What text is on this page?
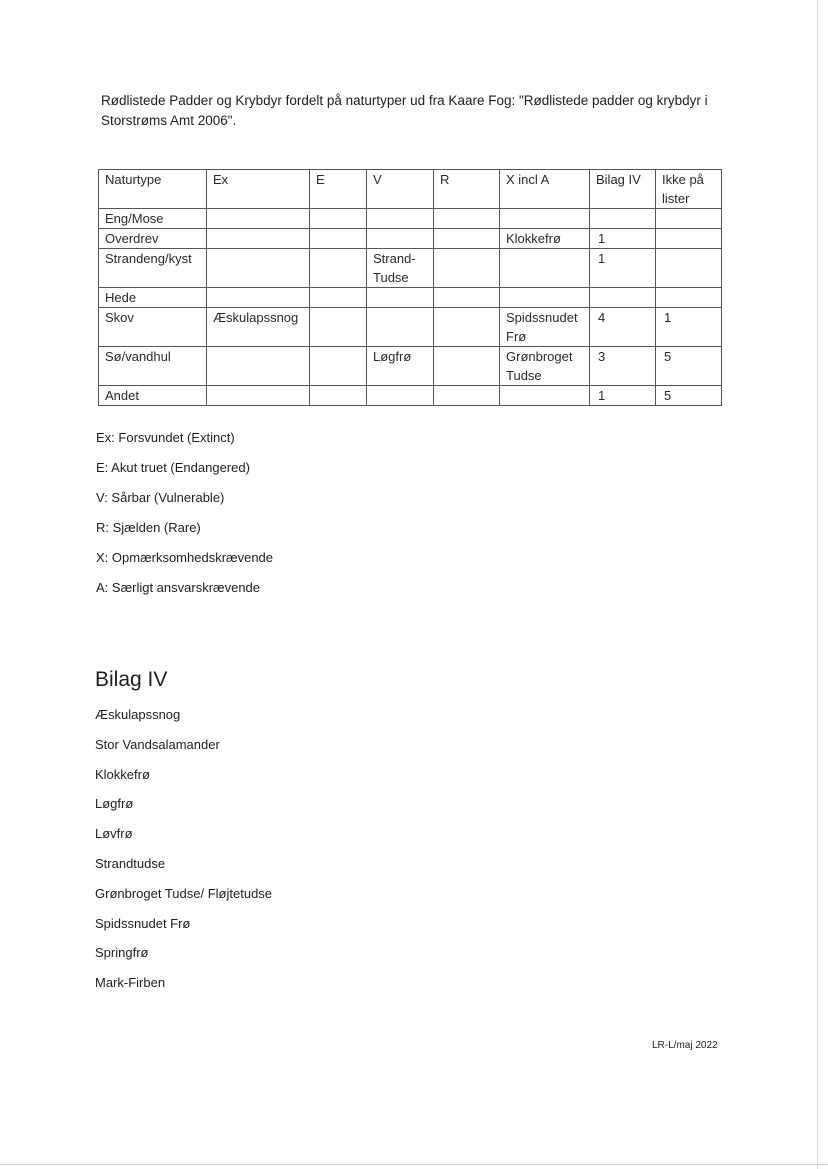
Rødlistede Padder og Krybdyr fordelt på naturtyper ud fra Kaare Fog: "Rødlistede padder og krybdyr i Storstrøms Amt 2006".

Naturtype	Ex	E	V	R	X incl A	Bilag IV	Ikke på lister
Eng/Mose							
Overdrev					Klokkefrø	1	
Strandeng/kyst			Strand-Tudse			1	
Hede							
Skov	Æskulapssnog				Spidssnudet Frø	4	1
Sø/vandhul			Løgfrø		Grønbroget Tudse	3	5
Andet						1	5
Ex: Forsvundet (Extinct)
E: Akut truet (Endangered)
V: Sårbar (Vulnerable)
R: Sjælden (Rare)
X: Opmærksomhedskrævende
A: Særligt ansvarskrævende
Bilag IV
Æskulapssnog
Stor Vandsalamander
Klokkefrø
Løgfrø
Løvfrø
Strandtudse
Grønbroget Tudse/ Fløjtetudse
Spidssnudet Frø
Springfrø
Mark-Firben
LR-L/maj 2022
